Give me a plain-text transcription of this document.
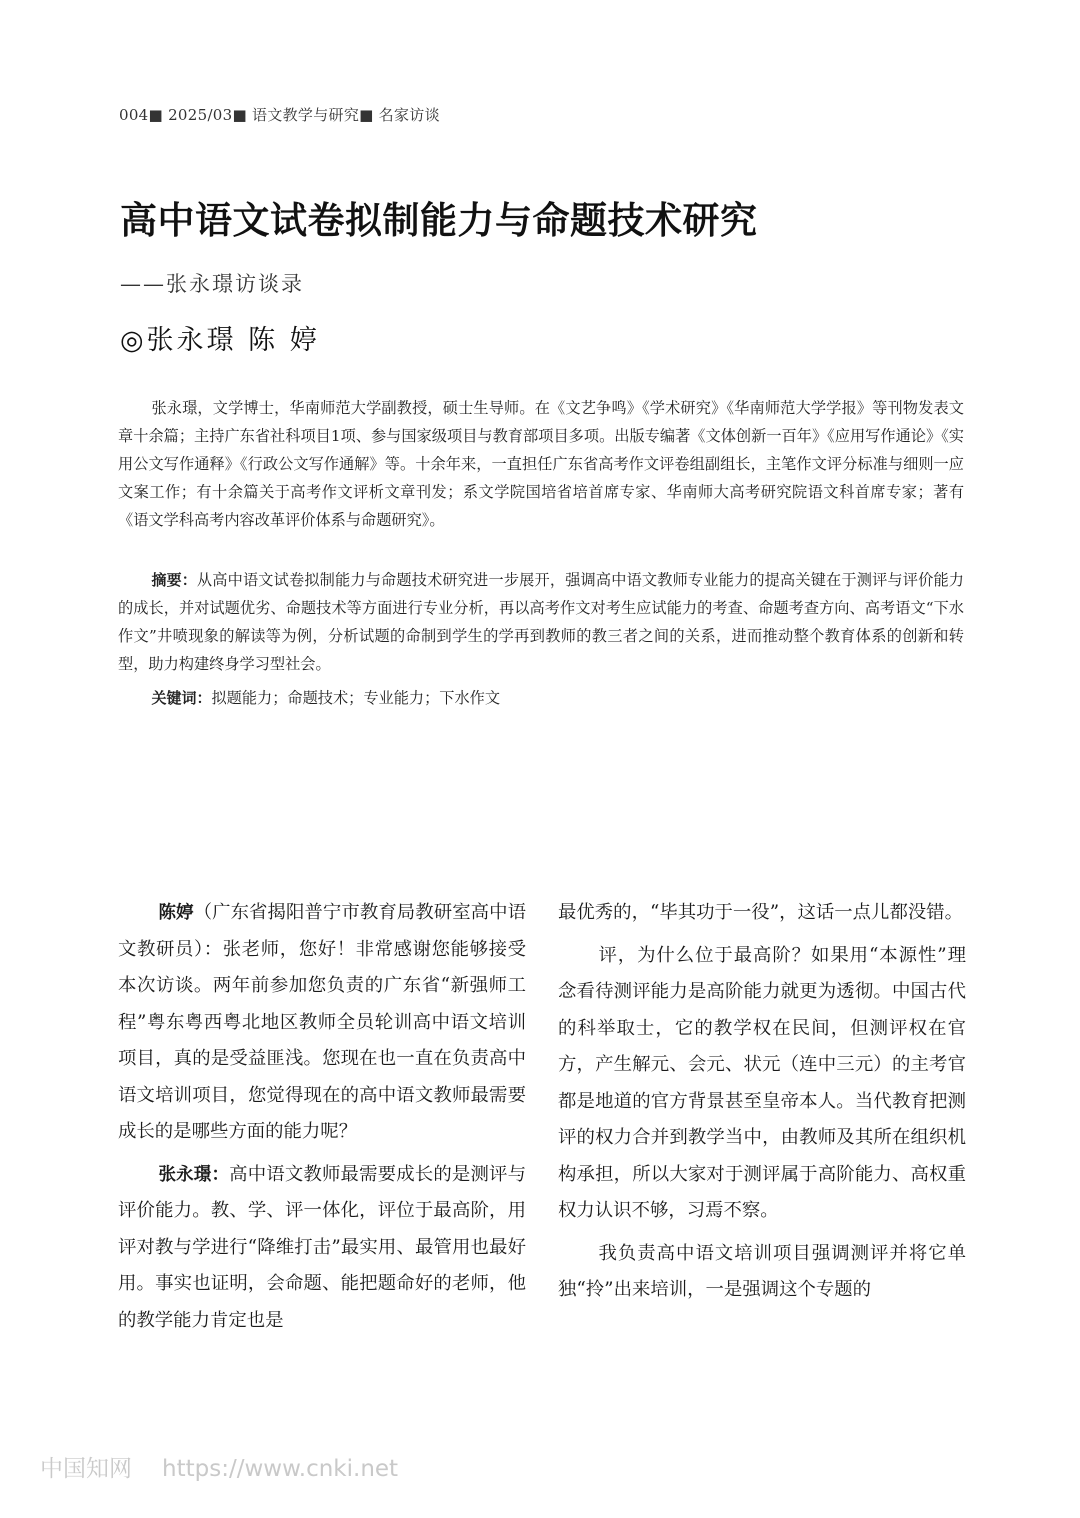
004■ 2025/03■ 语文教学与研究■ 名家访谈
高中语文试卷拟制能力与命题技术研究
——张永璟访谈录
◎张永璟 陈 婷

张永璟，文学博士，华南师范大学副教授，硕士生导师。在《文艺争鸣》《学术研究》《华南师范大学学报》等刊物发表文章十余篇；主持广东省社科项目1项、参与国家级项目与教育部项目多项。出版专编著《文体创新一百年》《应用写作通论》《实用公文写作通释》《行政公文写作通解》等。十余年来，一直担任广东省高考作文评卷组副组长，主笔作文评分标准与细则一应文案工作；有十余篇关于高考作文评析文章刊发；系文学院国培省培首席专家、华南师大高考研究院语文科首席专家；著有《语文学科高考内容改革评价体系与命题研究》。

摘要：从高中语文试卷拟制能力与命题技术研究进一步展开，强调高中语文教师专业能力的提高关键在于测评与评价能力的成长，并对试题优劣、命题技术等方面进行专业分析，再以高考作文对考生应试能力的考查、命题考查方向、高考语文“下水作文”井喷现象的解读等为例，分析试题的命制到学生的学再到教师的教三者之间的关系，进而推动整个教育体系的创新和转型，助力构建终身学习型社会。

关键词：拟题能力；命题技术；专业能力；下水作文

陈婷（广东省揭阳普宁市教育局教研室高中语文教研员）：张老师，您好！非常感谢您能够接受本次访谈。两年前参加您负责的广东省“新强师工程”粤东粤西粤北地区教师全员轮训高中语文培训项目，真的是受益匪浅。您现在也一直在负责高中语文培训项目，您觉得现在的高中语文教师最需要成长的是哪些方面的能力呢？

张永璟：高中语文教师最需要成长的是测评与评价能力。教、学、评一体化，评位于最高阶，用评对教与学进行“降维打击”最实用、最管用也最好用。事实也证明，会命题、能把题命好的老师，他的教学能力肯定也是

最优秀的，“毕其功于一役”，这话一点儿都没错。

评，为什么位于最高阶？如果用“本源性”理念看待测评能力是高阶能力就更为透彻。中国古代的科举取士，它的教学权在民间，但测评权在官方，产生解元、会元、状元（连中三元）的主考官都是地道的官方背景甚至皇帝本人。当代教育把测评的权力合并到教学当中，由教师及其所在组织机构承担，所以大家对于测评属于高阶能力、高权重权力认识不够，习焉不察。

我负责高中语文培训项目强调测评并将它单独“拎”出来培训，一是强调这个专题的

中国知网 https://www.cnki.net
